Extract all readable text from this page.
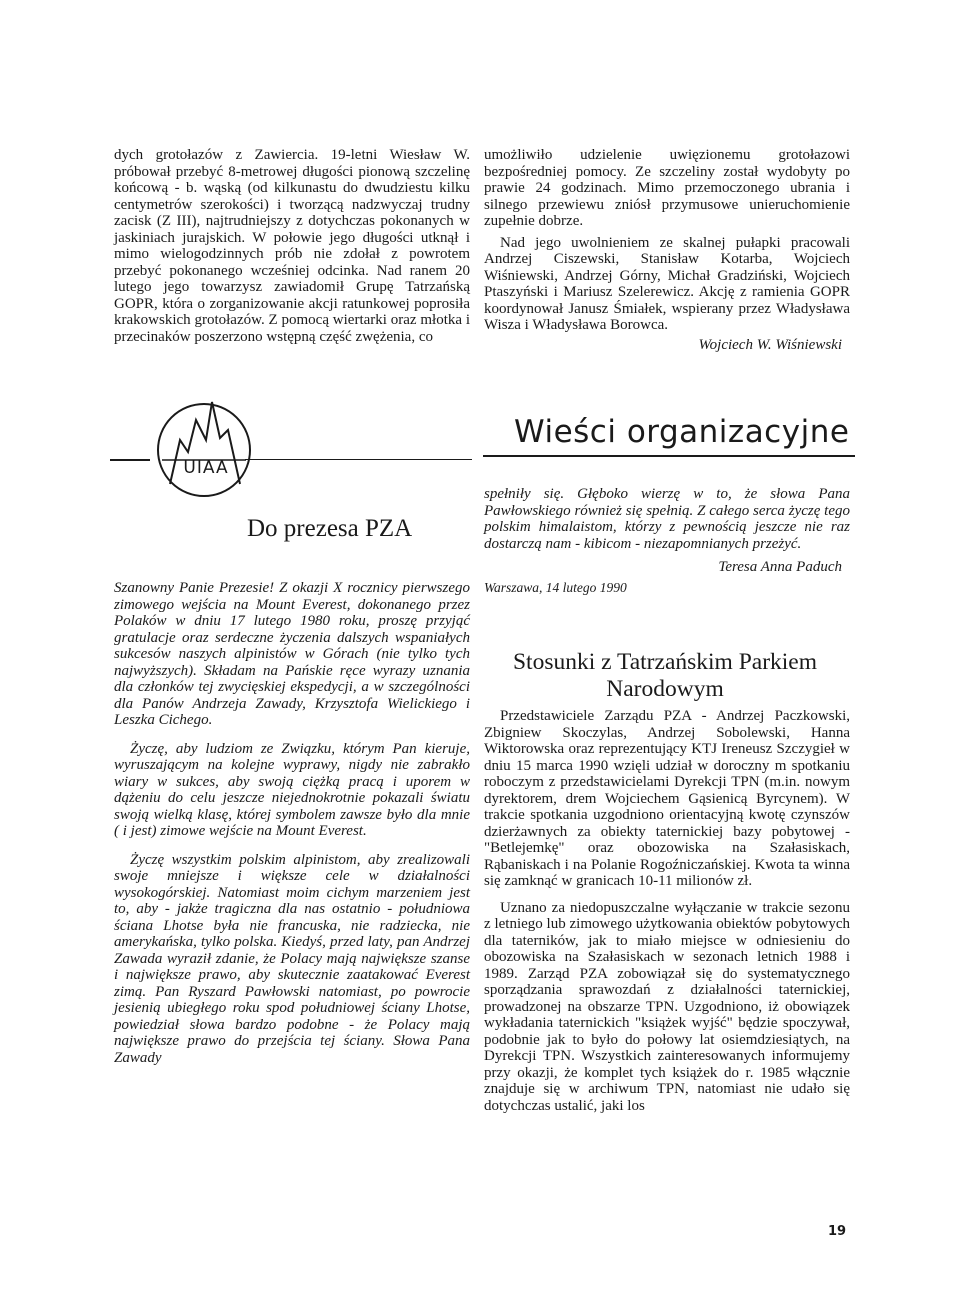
dych grotołazów z Zawiercia. 19-letni Wiesław W. próbował przebyć 8-metrowej długości pionową szczelinę końcową - b. wąską (od kilkunastu do dwudziestu kilku centymetrów szerokości) i tworzącą nadzwyczaj trudny zacisk (Z III), najtrudniejszy z dotychczas pokonanych w jaskiniach jurajskich. W połowie jego długości utknął i mimo wielogodzinnych prób nie zdołał z powrotem przebyć pokonanego wcześniej odcinka. Nad ranem 20 lutego jego towarzysz zawiadomił Grupę Tatrzańską GOPR, która o zorganizowanie akcji ratunkowej poprosiła krakowskich grotołazów. Z pomocą wiertarki oraz młotka i przecinaków poszerzono wstępną część zwężenia, co

umożliwiło udzielenie uwięzionemu grotołazowi bezpośredniej pomocy. Ze szczeliny został wydobyty po prawie 24 godzinach. Mimo przemoczonego ubrania i silnego przewiewu zniósł przymusowe unieruchomienie zupełnie dobrze.

Nad jego uwolnieniem ze skalnej pułapki pracowali Andrzej Ciszewski, Stanisław Kotarba, Wojciech Wiśniewski, Andrzej Górny, Michał Gradziński, Wojciech Ptaszyński i Mariusz Szelerewicz. Akcję z ramienia GOPR koordynował Janusz Śmiałek, wspierany przez Władysława Wisza i Władysława Borowca.

Wojciech W. Wiśniewski

Wieści organizacyjne
UIAA
Do prezesa PZA

Szanowny Panie Prezesie! Z okazji X rocznicy pierwszego zimowego wejścia na Mount Everest, dokonanego przez Polaków w dniu 17 lutego 1980 roku, proszę przyjąć gratulacje oraz serdeczne życzenia dalszych wspaniałych sukcesów naszych alpinistów w Górach (nie tylko tych najwyższych). Składam na Pańskie ręce wyrazy uznania dla członków tej zwycięskiej ekspedycji, a w szczególności dla Panów Andrzeja Zawady, Krzysztofa Wielickiego i Leszka Cichego.

Życzę, aby ludziom ze Związku, którym Pan kieruje, wyruszającym na kolejne wyprawy, nigdy nie zabrakło wiary w sukces, aby swoją ciężką pracą i uporem w dążeniu do celu jeszcze niejednokrotnie pokazali światu swoją wielką klasę, której symbolem zawsze było dla mnie ( i jest) zimowe wejście na Mount Everest.

Życzę wszystkim polskim alpinistom, aby zrealizowali swoje mniejsze i większe cele w działalności wysokogórskiej. Natomiast moim cichym marzeniem jest to, aby - jakże tragiczna dla nas ostatnio - południowa ściana Lhotse była nie francuska, nie radziecka, nie amerykańska, tylko polska. Kiedyś, przed laty, pan Andrzej Zawada wyraził zdanie, że Polacy mają największe szanse i największe prawo, aby skutecznie zaatakować Everest zimą. Pan Ryszard Pawłowski natomiast, po powrocie jesienią ubiegłego roku spod południowej ściany Lhotse, powiedział słowa bardzo podobne - że Polacy mają największe prawo do przejścia tej ściany. Słowa Pana Zawady

spełniły się. Głęboko wierzę w to, że słowa Pana Pawłowskiego również się spełnią. Z całego serca życzę tego polskim himalaistom, którzy z pewnością jeszcze nie raz dostarczą nam - kibicom - niezapomnianych przeżyć.

Teresa Anna Paduch

Warszawa, 14 lutego 1990
Stosunki z Tatrzańskim Parkiem Narodowym

Przedstawiciele Zarządu PZA - Andrzej Paczkowski, Zbigniew Skoczylas, Andrzej Sobolewski, Hanna Wiktorowska oraz reprezentujący KTJ Ireneusz Szczygieł w dniu 15 marca 1990 wzięli udział w doroczny m spotkaniu roboczym z przedstawicielami Dyrekcji TPN (m.in. nowym dyrektorem, drem Wojciechem Gąsienicą Byrcynem). W trakcie spotkania uzgodniono orientacyjną kwotę czynszów dzierżawnych za obiekty taternickiej bazy pobytowej - "Betlejemkę" oraz obozowiska na Szałasiskach, Rąbaniskach i na Polanie Rogoźniczańskiej. Kwota ta winna się zamknąć w granicach 10-11 milionów zł.

Uznano za niedopuszczalne wyłączanie w trakcie sezonu z letniego lub zimowego użytkowania obiektów pobytowych dla taterników, jak to miało miejsce w odniesieniu do obozowiska na Szałasiskach w sezonach letnich 1988 i 1989. Zarząd PZA zobowiązał się do systematycznego sporządzania sprawozdań z działalności taternickiej, prowadzonej na obszarze TPN. Uzgodniono, iż obowiązek wykładania taternickich "książek wyjść" będzie spoczywał, podobnie jak to było do połowy lat osiemdziesiątych, na Dyrekcji TPN. Wszystkich zainteresowanych informujemy przy okazji, że komplet tych książek do r. 1985 włącznie znajduje się w archiwum TPN, natomiast nie udało się dotychczas ustalić, jaki los

19
